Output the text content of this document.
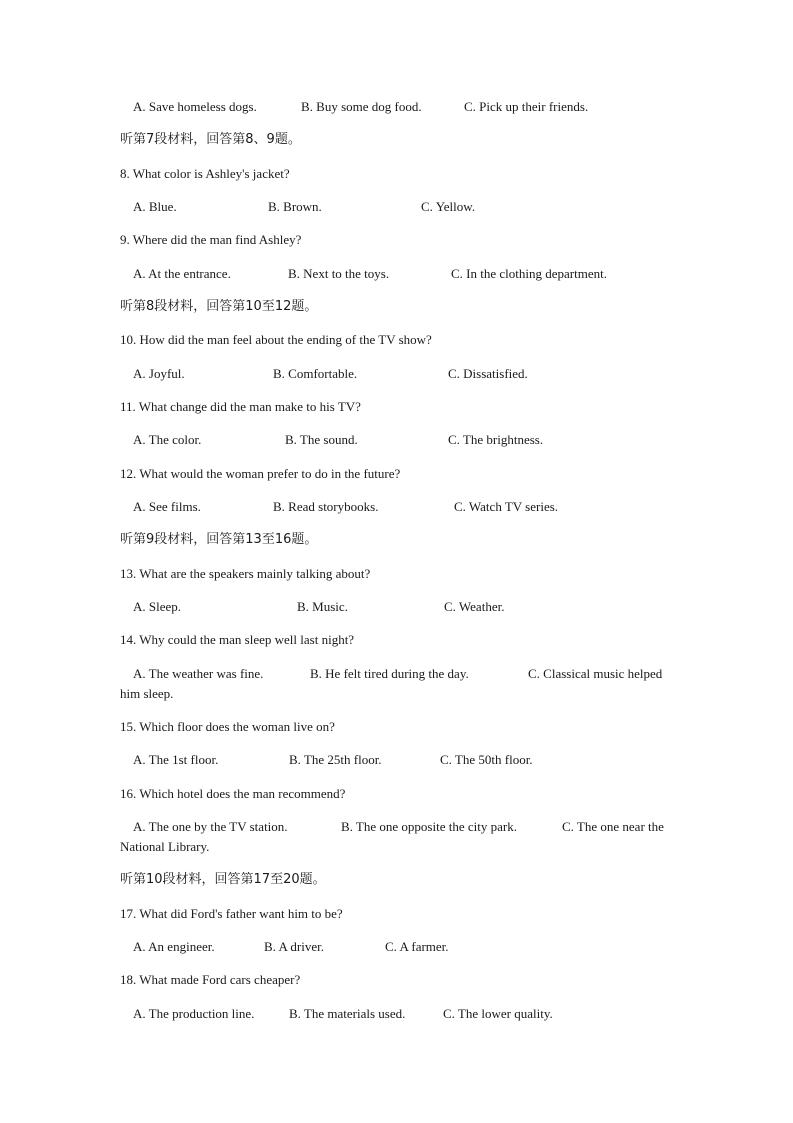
A. Save homeless dogs.	B. Buy some dog food.	C. Pick up their friends.
听第7段材料，回答第8、9题。
8. What color is Ashley's jacket?
A. Blue.	B. Brown.	C. Yellow.
9. Where did the man find Ashley?
A. At the entrance.	B. Next to the toys.	C. In the clothing department.
听第8段材料，回答第10至12题。
10. How did the man feel about the ending of the TV show?
A. Joyful.	B. Comfortable.	C. Dissatisfied.
11. What change did the man make to his TV?
A. The color.	B. The sound.	C. The brightness.
12. What would the woman prefer to do in the future?
A. See films.	B. Read storybooks.	C. Watch TV series.
听第9段材料，回答第13至16题。
13. What are the speakers mainly talking about?
A. Sleep.	B. Music.	C. Weather.
14. Why could the man sleep well last night?
A. The weather was fine.	B. He felt tired during the day.	C. Classical music helped
him sleep.
15. Which floor does the woman live on?
A. The 1st floor.	B. The 25th floor.	C. The 50th floor.
16. Which hotel does the man recommend?
A. The one by the TV station.	B. The one opposite the city park.	C. The one near the
National Library.
听第10段材料，回答第17至20题。
17. What did Ford's father want him to be?
A. An engineer.	B. A driver.	C. A farmer.
18. What made Ford cars cheaper?
A. The production line.	B. The materials used.	C. The lower quality.
